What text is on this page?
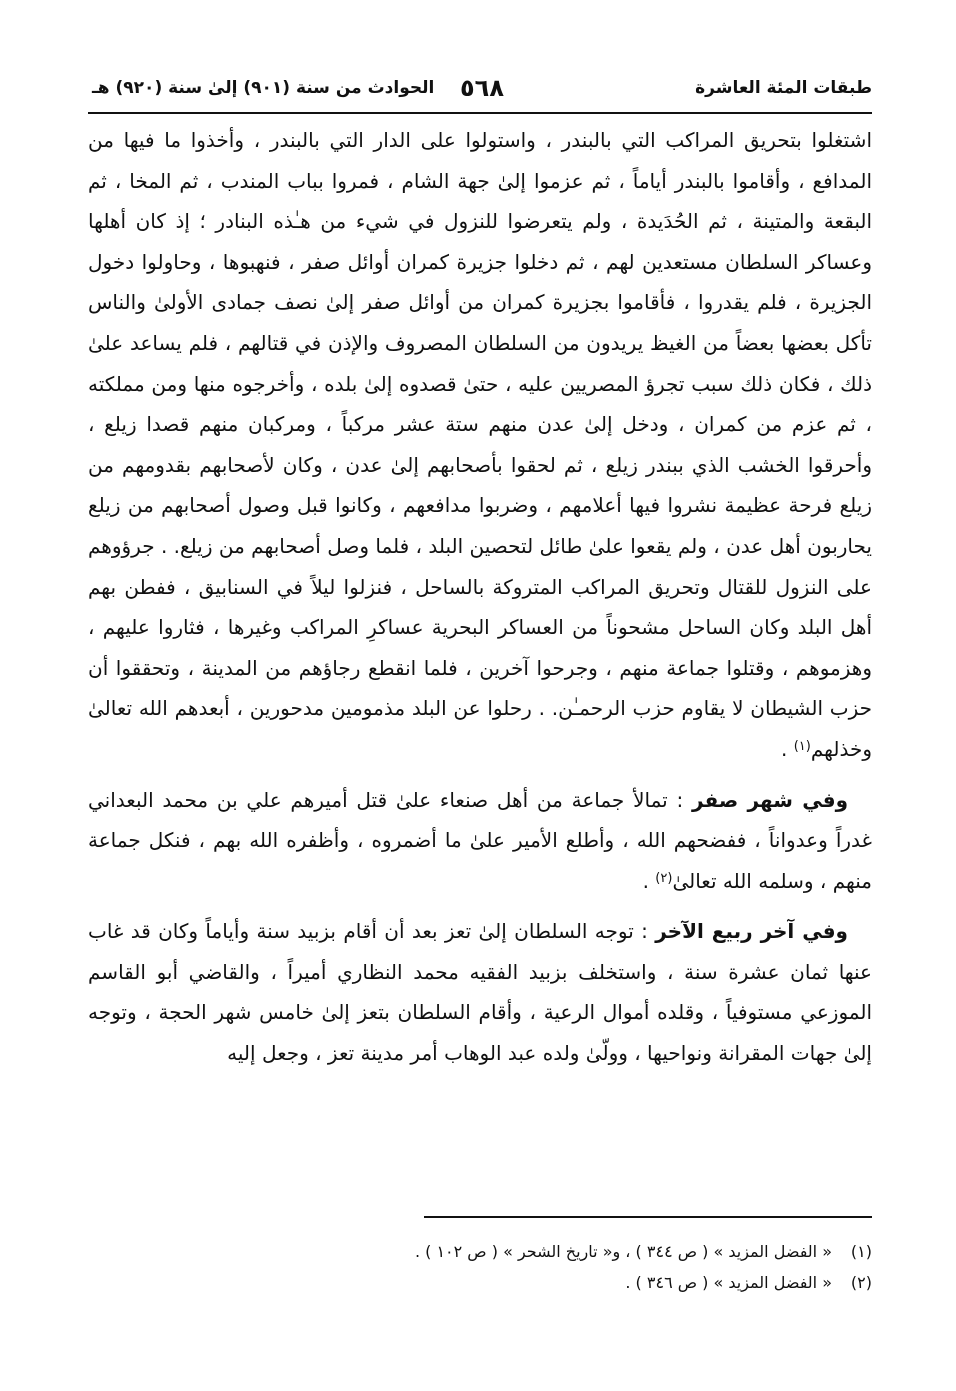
طبقات المئة العاشرة
٥٦٨
الحوادث من سنة (٩٠١) إلىٰ سنة (٩٢٠) هـ

اشتغلوا بتحريق المراكب التي بالبندر ، واستولوا على الدار التي بالبندر ، وأخذوا ما فيها من المدافع ، وأقاموا بالبندر أياماً ، ثم عزموا إلىٰ جهة الشام ، فمروا بباب المندب ، ثم المخا ، ثم البقعة والمتينة ، ثم الحُدَيدة ، ولم يتعرضوا للنزول في شيء من هـٰذه البنادر ؛ إذ كان أهلها وعساكر السلطان مستعدين لهم ، ثم دخلوا جزيرة كمران أوائل صفر ، فنهبوها ، وحاولوا دخول الجزيرة ، فلم يقدروا ، فأقاموا بجزيرة كمران من أوائل صفر إلىٰ نصف جمادى الأولىٰ والناس تأكل بعضها بعضاً من الغيظ يريدون من السلطان المصروف والإذن في قتالهم ، فلم يساعد علىٰ ذلك ، فكان ذلك سبب تجرؤ المصريين عليه ، حتىٰ قصدوه إلىٰ بلده ، وأخرجوه منها ومن مملكته ، ثم عزم من كمران ، ودخل إلىٰ عدن منهم ستة عشر مركباً ، ومركبان منهم قصدا زيلع ، وأحرقوا الخشب الذي ببندر زيلع ، ثم لحقوا بأصحابهم إلىٰ عدن ، وكان لأصحابهم بقدومهم من زيلع فرحة عظيمة نشروا فيها أعلامهم ، وضربوا مدافعهم ، وكانوا قبل وصول أصحابهم من زيلع يحاربون أهل عدن ، ولم يقعوا علىٰ طائل لتحصين البلد ، فلما وصل أصحابهم من زيلع. . جرؤوهم على النزول للقتال وتحريق المراكب المتروكة بالساحل ، فنزلوا ليلاً في السنابيق ، ففطن بهم أهل البلد وكان الساحل مشحوناً من العساكر البحرية عساكرِ المراكب وغيرها ، فثاروا عليهم ، وهزموهم ، وقتلوا جماعة منهم ، وجرحوا آخرين ، فلما انقطع رجاؤهم من المدينة ، وتحققوا أن حزب الشيطان لا يقاوم حزب الرحمـٰن. . رحلوا عن البلد مذمومين مدحورين ، أبعدهم الله تعالىٰ وخذلهم$^{(١)}$ .

وفي شهر صفر : تمالأ جماعة من أهل صنعاء علىٰ قتل أميرهم علي بن محمد البعداني غدراً وعدواناً ، ففضحهم الله ، وأطلع الأمير علىٰ ما أضمروه ، وأظفره الله بهم ، فنكل جماعة منهم ، وسلمه الله تعالىٰ$^{(٢)}$ .

وفي آخر ربيع الآخر : توجه السلطان إلىٰ تعز بعد أن أقام بزبيد سنة وأياماً وكان قد غاب عنها ثمان عشرة سنة ، واستخلف بزبيد الفقيه محمد النظاري أميراً ، والقاضي أبو القاسم الموزعي مستوفياً ، وقلده أموال الرعية ، وأقام السلطان بتعز إلىٰ خامس شهر الحجة ، وتوجه إلىٰ جهات المقرانة ونواحيها ، وولّىٰ ولده عبد الوهاب أمر مدينة تعز ، وجعل إليه

(١)« الفضل المزيد » ( ص ٣٤٤ ) ، و« تاريخ الشحر » ( ص ١٠٢ ) .
(٢)« الفضل المزيد » ( ص ٣٤٦ ) .
